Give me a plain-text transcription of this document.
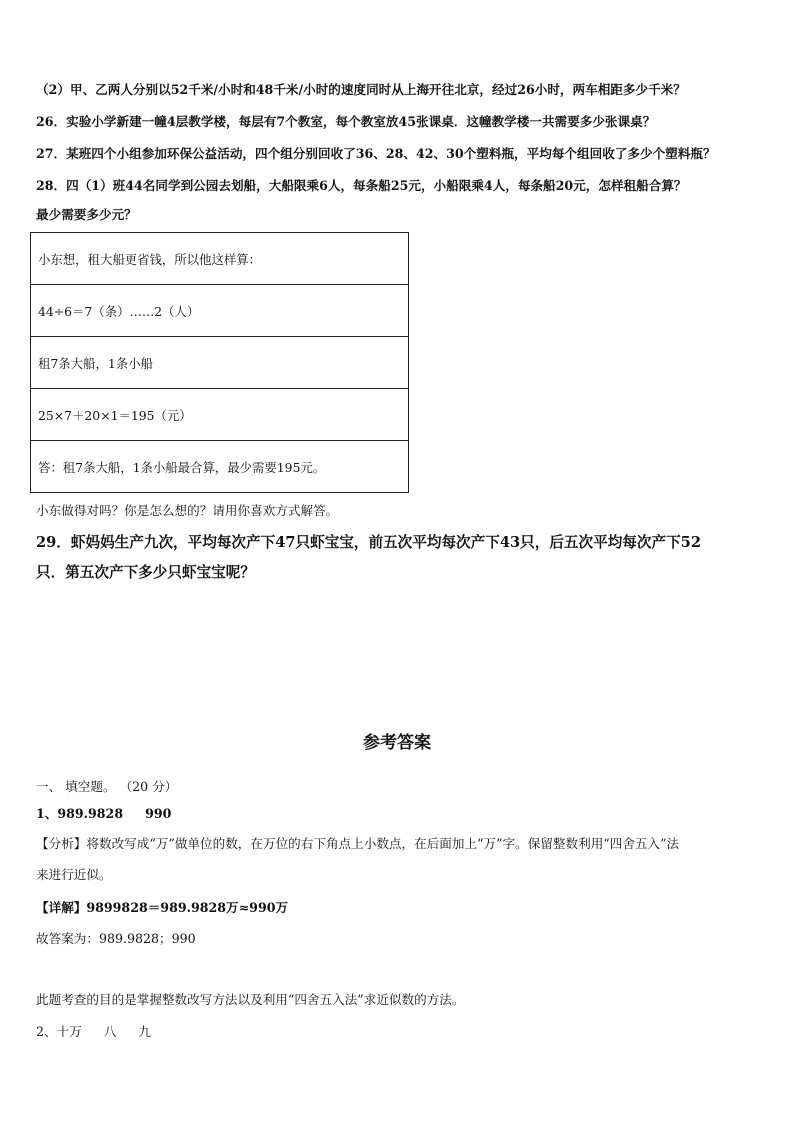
（2）甲、乙两人分别以52千米/小时和48千米/小时的速度同时从上海开往北京，经过26小时，两车相距多少千米？
26．实验小学新建一幢4层教学楼，每层有7个教室，每个教室放45张课桌．这幢教学楼一共需要多少张课桌？
27．某班四个小组参加环保公益活动，四个组分别回收了36、28、42、30个塑料瓶，平均每个组回收了多少个塑料瓶？
28．四（1）班44名同学到公园去划船，大船限乘6人，每条船25元，小船限乘4人，每条船20元，怎样租船合算？
最少需要多少元？
小东想，租大船更省钱，所以他这样算：
44÷6＝7（条）……2（人）
租7条大船，1条小船
25×7＋20×1＝195（元）
答：租7条大船，1条小船最合算，最少需要195元。
小东做得对吗？你是怎么想的？请用你喜欢方式解答。
29．虾妈妈生产九次，平均每次产下47只虾宝宝，前五次平均每次产下43只，后五次平均每次产下52
只．第五次产下多少只虾宝宝呢？
参考答案
一、 填空题。 （20 分）
1、989.9828 990
【分析】将数改写成“万”做单位的数，在万位的右下角点上小数点，在后面加上“万”字。保留整数利用“四舍五入”法
来进行近似。
【详解】9899828＝989.9828万≈990万
故答案为：989.9828；990
此题考查的目的是掌握整数改写方法以及利用“四舍五入法”求近似数的方法。
2、十万 八 九
